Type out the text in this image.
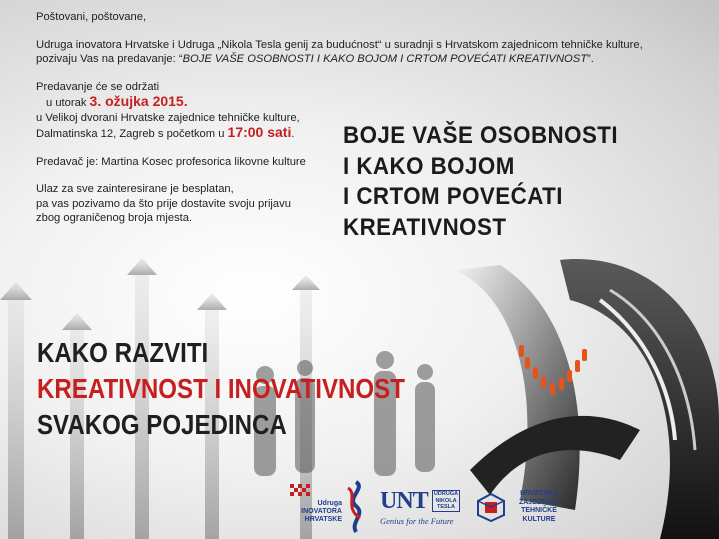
Poštovani, poštovane,

Udruga inovatora Hrvatske i Udruga „Nikola Tesla genij za budućnost“ u suradnji s Hrvatskom zajednicom tehničke kulture,

pozivaju Vas na predavanje: “BOJE VAŠE OSOBNOSTI I KAKO BOJOM I CRTOM POVEĆATI KREATIVNOST”.

Predavanje će se održati

u utorak 3. ožujka 2015.

u Velikoj dvorani Hrvatske zajednice tehničke kulture,

Dalmatinska 12, Zagreb s početkom u 17:00 sati.

Predavač je: Martina Kosec profesorica likovne kulture

Ulaz za sve zainteresirane je besplatan,

pa vas pozivamo da što prije dostavite svoju prijavu

zbog ograničenog broja mjesta.

BOJE VAŠE OSOBNOSTI
I KAKO BOJOM
I CRTOM POVEĆATI
KREATIVNOST
KAKO RAZVITI
KREATIVNOST I INOVATIVNOST
SVAKOG POJEDINCA
Udruga
INOVATORA
HRVATSKE
UNT UDRUGA
NIKOLA
TESLA
Genius for the Future
HRVATSKA
ZAJEDNICA
TEHNIČKE
KULTURE
